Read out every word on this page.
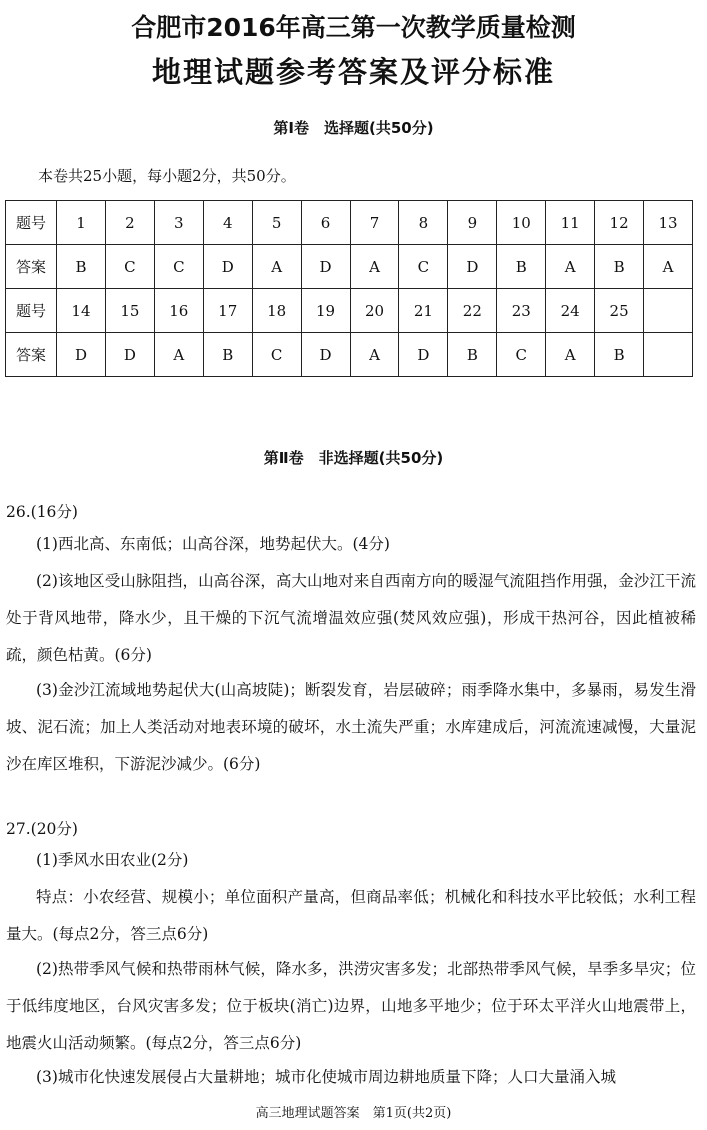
合肥市2016年高三第一次教学质量检测
地理试题参考答案及评分标准
第Ⅰ卷　选择题(共50分)
本卷共25小题，每小题2分，共50分。
题号	1	2	3	4	5	6	7	8	9	10	11	12	13
答案	B	C	C	D	A	D	A	C	D	B	A	B	A
题号	14	15	16	17	18	19	20	21	22	23	24	25	
答案	D	D	A	B	C	D	A	D	B	C	A	B	
第Ⅱ卷　非选择题(共50分)
26.(16分)
(1)西北高、东南低；山高谷深，地势起伏大。(4分)
(2)该地区受山脉阻挡，山高谷深，高大山地对来自西南方向的暖湿气流阻挡作用强，金沙江干流处于背风地带，降水少，且干燥的下沉气流增温效应强(焚风效应强)，形成干热河谷，因此植被稀疏，颜色枯黄。(6分)
(3)金沙江流域地势起伏大(山高坡陡)；断裂发育，岩层破碎；雨季降水集中，多暴雨，易发生滑坡、泥石流；加上人类活动对地表环境的破坏，水土流失严重；水库建成后，河流流速减慢，大量泥沙在库区堆积，下游泥沙减少。(6分)
27.(20分)
(1)季风水田农业(2分)
特点：小农经营、规模小；单位面积产量高，但商品率低；机械化和科技水平比较低；水利工程量大。(每点2分，答三点6分)
(2)热带季风气候和热带雨林气候，降水多，洪涝灾害多发；北部热带季风气候，旱季多旱灾；位于低纬度地区，台风灾害多发；位于板块(消亡)边界，山地多平地少；位于环太平洋火山地震带上，地震火山活动频繁。(每点2分，答三点6分)
(3)城市化快速发展侵占大量耕地；城市化使城市周边耕地质量下降；人口大量涌入城
高三地理试题答案　第1页(共2页)
